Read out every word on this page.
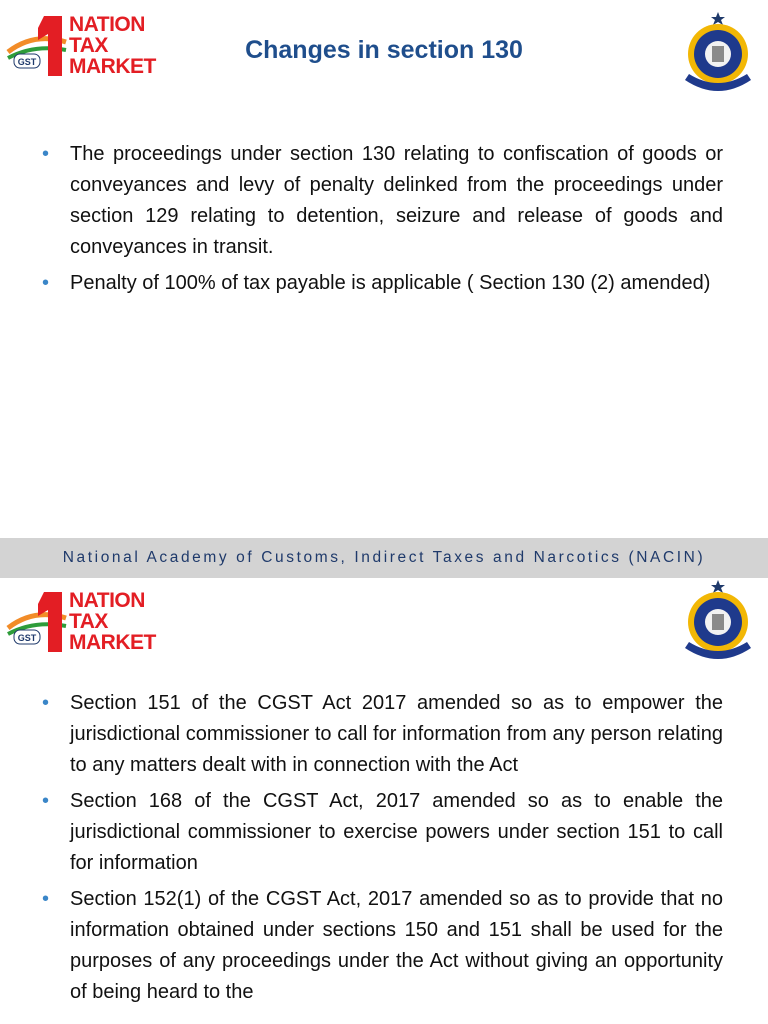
GST
NATION
TAX
MARKET
Changes in section 130
• The proceedings under section 130 relating to confiscation of goods or conveyances and levy of penalty delinked from the proceedings under section 129 relating to detention, seizure and release of goods and conveyances in transit.
• Penalty of 100% of tax payable is applicable ( Section 130 (2) amended)
National Academy of Customs, Indirect Taxes and Narcotics (NACIN)
GST
NATION
TAX
MARKET
• Section 151 of the CGST Act 2017 amended so as to empower the jurisdictional commissioner to call for information from any person relating to any matters dealt with in connection with the Act
• Section 168 of the CGST Act, 2017 amended so as to enable the jurisdictional commissioner to exercise powers under section 151 to call for information
• Section 152(1) of the CGST Act, 2017 amended so as to provide that no information obtained under sections 150 and 151 shall be used for the purposes of any proceedings under the Act without giving an opportunity of being heard to the
